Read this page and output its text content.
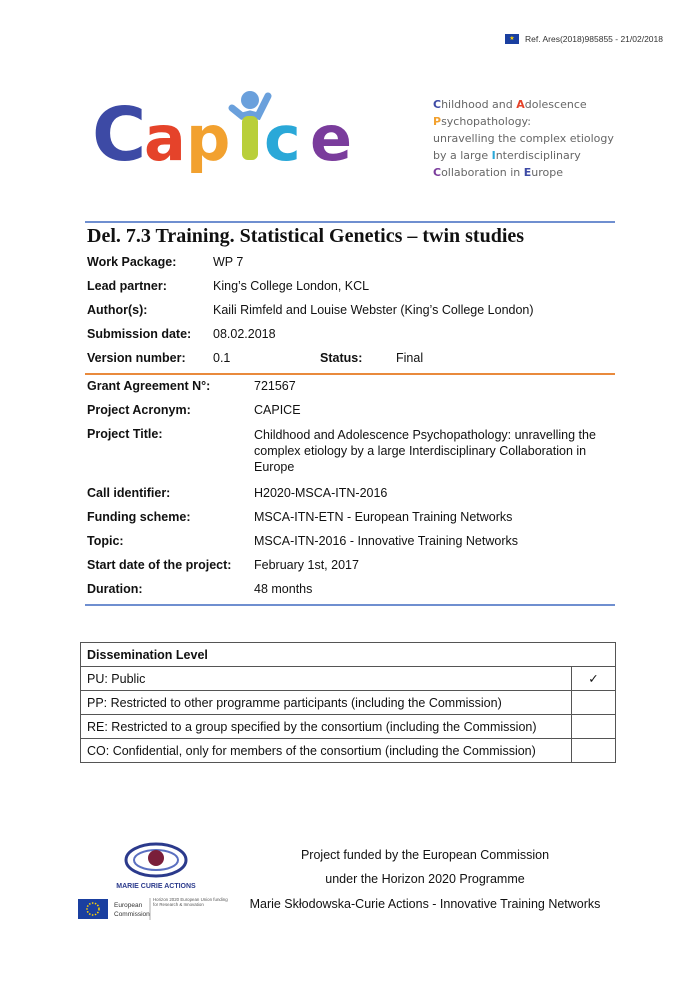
★ Ref. Ares(2018)985855 - 21/02/2018
C
a p c e	Childhood and Adolescence
Psychopathology:
unravelling the complex etiology
by a large Interdisciplinary
Collaboration in Europe
Del. 7.3 Training. Statistical Genetics – twin studies
Work Package:	WP 7
Lead partner:	King’s College London, KCL
Author(s):	Kaili Rimfeld and Louise Webster (King’s College London)
Submission date: 08.02.2018
Version number: 0.1	Status:	Final
Grant Agreement N°:	721567
Project Acronym:	CAPICE
Project Title:	Childhood and Adolescence Psychopathology: unravelling the complex etiology by a large Interdisciplinary Collaboration in Europe
Call identifier:	H2020-MSCA-ITN-2016
Funding scheme:	MSCA-ITN-ETN - European Training Networks
Topic:	MSCA-ITN-2016 - Innovative Training Networks
Start date of the project: February 1st, 2017
Duration:	48 months
Dissemination Level	
PU: Public	✓
PP: Restricted to other programme participants (including the Commission)	
RE: Restricted to a group specified by the consortium (including the Commission)	
CO: Confidential, only for members of the consortium (including the Commission)	
MARIE CURIE ACTIONS
European
Commission
Horizon 2020 European Union funding for Research & Innovation
Project funded by the European Commission
under the Horizon 2020 Programme
Marie Skłodowska-Curie Actions - Innovative Training Networks
